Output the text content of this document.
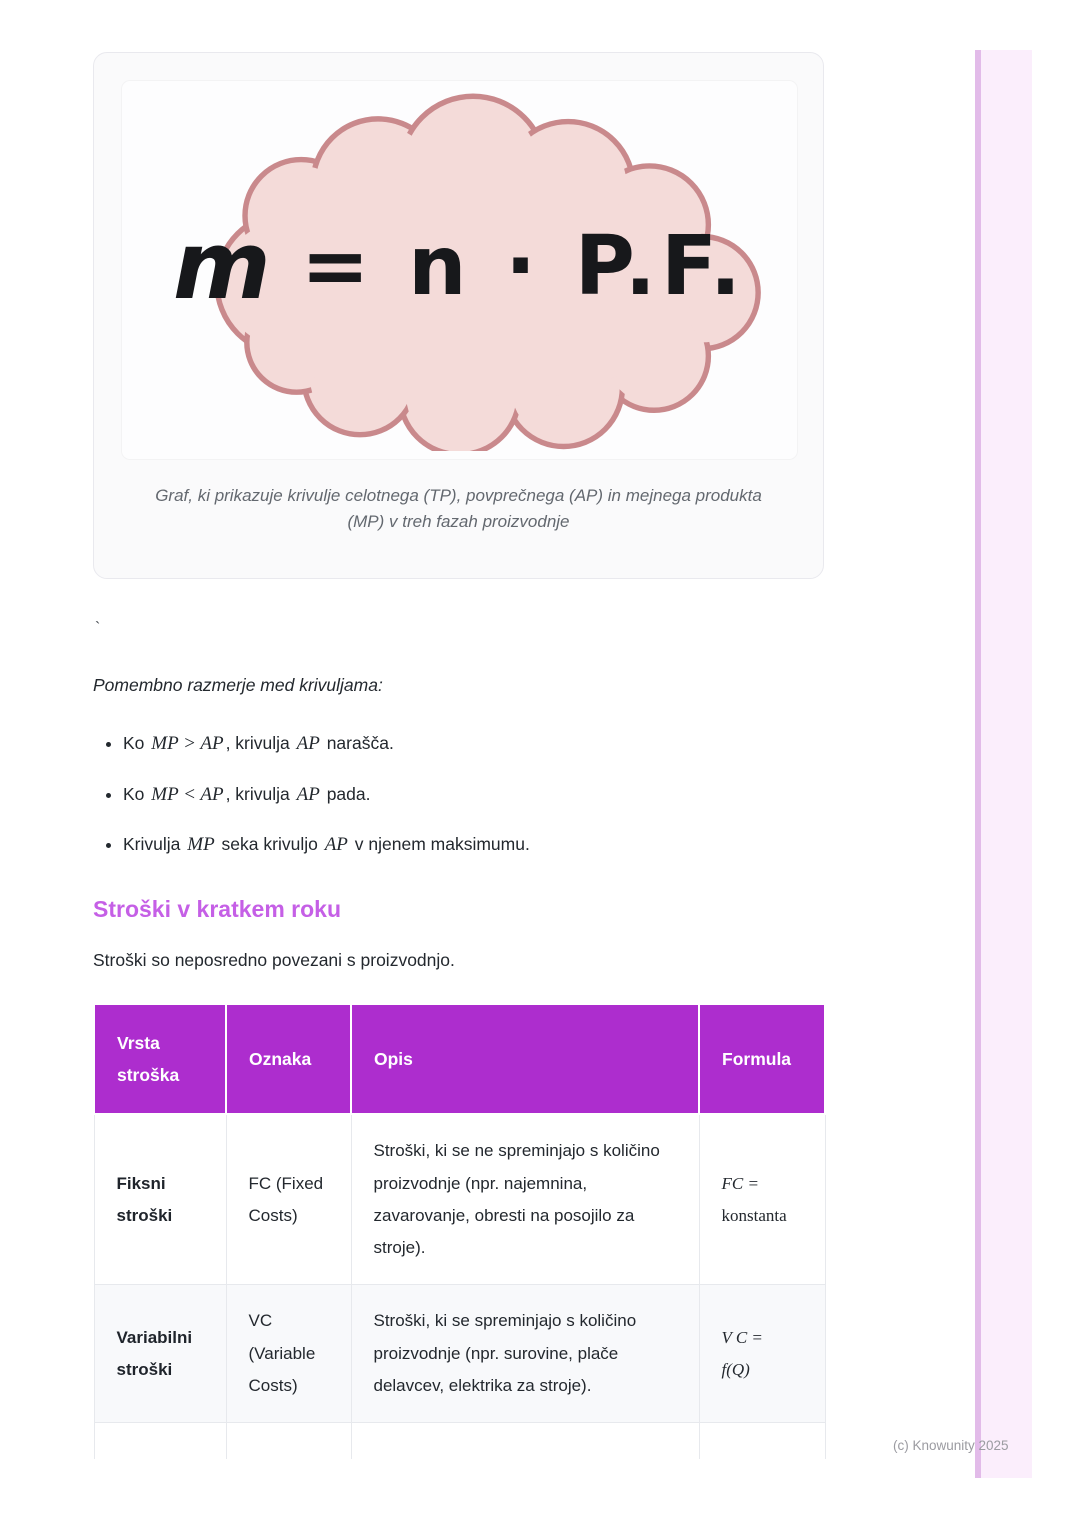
m = n · P.F.
Graf, ki prikazuje krivulje celotnega (TP), povprečnega (AP) in mejnega produkta (MP) v treh fazah proizvodnje
`

Pomembno razmerje med krivuljama:

• Ko MP > AP , krivulja AP narašča.
• Ko MP < AP , krivulja AP pada.
• Krivulja MP seka krivuljo AP v njenem maksimumu.
Stroški v kratkem roku

Stroški so neposredno povezani s proizvodnjo.

Vrsta stroška	Oznaka	Opis	Formula
Fiksni stroški	FC (Fixed Costs)	Stroški, ki se ne spreminjajo s količino proizvodnje (npr. najemnina, zavarovanje, obresti na posojilo za stroje).	FC =
konstanta

Variabilni stroški	VC (Variable Costs)	Stroški, ki se spreminjajo s količino proizvodnje (npr. surovine, plače delavcev, elektrika za stroje).	V C =
f(Q)

(c) Knowunity 2025
